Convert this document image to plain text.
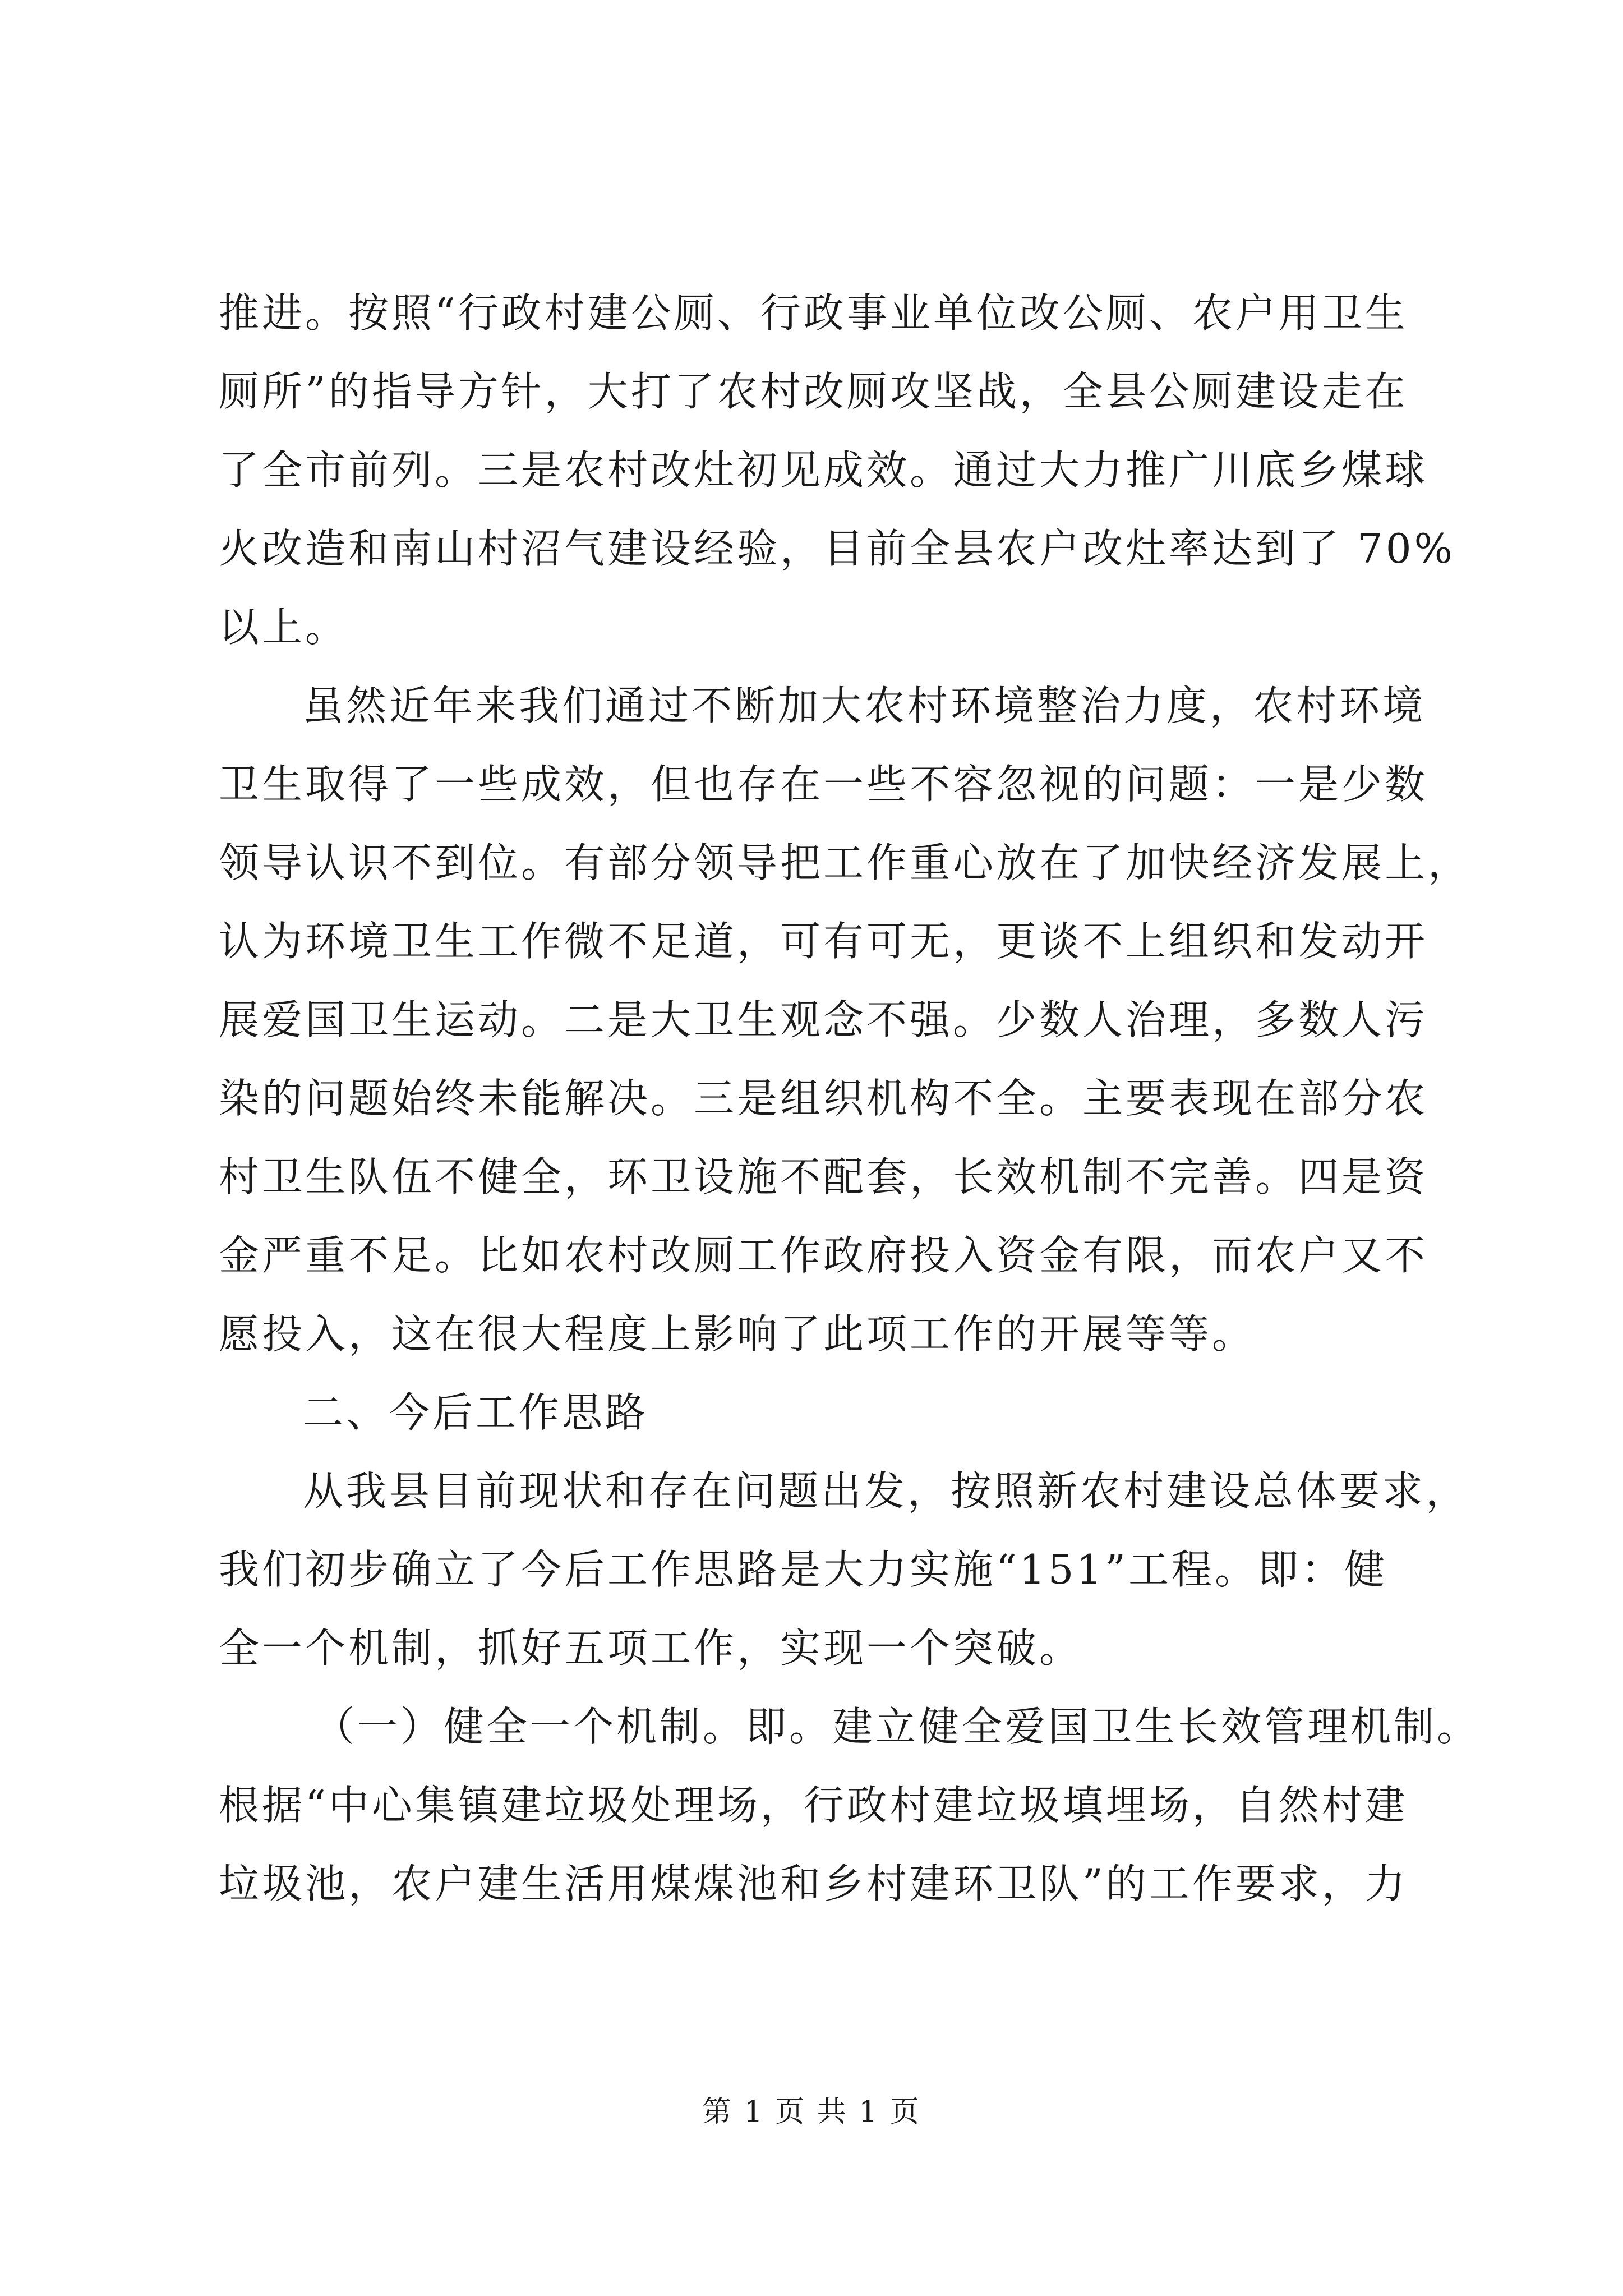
推进。按照“行政村建公厕、行政事业单位改公厕、农户用卫生
厕所”的指导方针，大打了农村改厕攻坚战，全县公厕建设走在
了全市前列。三是农村改灶初见成效。通过大力推广川底乡煤球
火改造和南山村沼气建设经验，目前全县农户改灶率达到了 70%
以上。
虽然近年来我们通过不断加大农村环境整治力度，农村环境
卫生取得了一些成效，但也存在一些不容忽视的问题：一是少数
领导认识不到位。有部分领导把工作重心放在了加快经济发展上，
认为环境卫生工作微不足道，可有可无，更谈不上组织和发动开
展爱国卫生运动。二是大卫生观念不强。少数人治理，多数人污
染的问题始终未能解决。三是组织机构不全。主要表现在部分农
村卫生队伍不健全，环卫设施不配套，长效机制不完善。四是资
金严重不足。比如农村改厕工作政府投入资金有限，而农户又不
愿投入，这在很大程度上影响了此项工作的开展等等。
二、今后工作思路
从我县目前现状和存在问题出发，按照新农村建设总体要求，
我们初步确立了今后工作思路是大力实施“151”工程。即：健
全一个机制，抓好五项工作，实现一个突破。
（一）健全一个机制。即。建立健全爱国卫生长效管理机制。
根据“中心集镇建垃圾处理场，行政村建垃圾填埋场，自然村建
垃圾池，农户建生活用煤煤池和乡村建环卫队”的工作要求，力
第 1 页 共 1 页
